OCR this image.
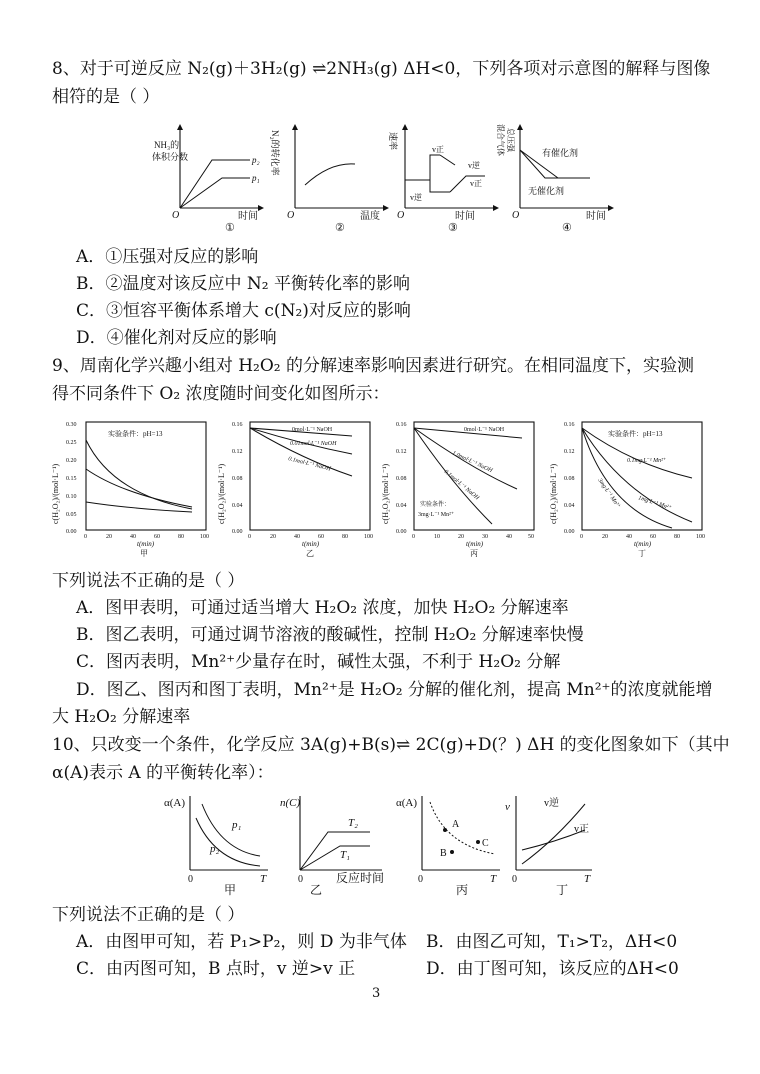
8、对于可逆反应 N₂(g)＋3H₂(g) ⇌2NH₃(g) ΔH<0，下列各项对示意图的解释与图像
相符的是（ ）
NH₃的
体积分数	p₂
p₁
O	时间
①
N₂的转化率
O	温度
②
速率	v正
v逆
v逆
v正
O	时间
③
混合气体 总压强
有催化剂
无催化剂
O	时间
④
A．①压强对反应的影响
B．②温度对该反应中 N₂ 平衡转化率的影响
C．③恒容平衡体系增大 c(N₂)对反应的影响
D．④催化剂对反应的影响
9、周南化学兴趣小组对 H₂O₂ 的分解速率影响因素进行研究。在相同温度下，实验测
得不同条件下 O₂ 浓度随时间变化如图所示：
c(H₂O₂)/(mol·L⁻¹)
0.30
0.25
0.20
0.15
0.10
0.05
0.00
0	20	40	60	80	100
t(min)
甲
实验条件：pH=13
c(H₂O₂)/(mol·L⁻¹)
0.16
0.12
0.08
0.04
0.00
0	20	40	60	80	100
t(min)
乙
0mol·L⁻¹ NaOH
0.01mol·L⁻¹ NaOH
0.1mol·L⁻¹ NaOH	c(H₂O₂)/(mol·L⁻¹)
0.16
0.12
0.08
0.04
0.00
0	10	20	30	40	50
t(min)
丙
0mol·L⁻¹ NaOH
1.0mol·L⁻¹ NaOH
0.1mol·L⁻¹ NaOH
实验条件：
3mg·L⁻¹ Mn²⁺	c(H₂O₂)/(mol·L⁻¹)
0.16
0.12
0.08
0.04
0.00
0	20	40	60	80	100
t(min)
丁
实验条件：pH=13
0.1mg·L⁻¹ Mn²⁺
1mg·L⁻¹ Mn²⁺
3mg·L⁻¹ Mn²⁺
下列说法不正确的是（ ）
A．图甲表明，可通过适当增大 H₂O₂ 浓度，加快 H₂O₂ 分解速率
B．图乙表明，可通过调节溶液的酸碱性，控制 H₂O₂ 分解速率快慢
C．图丙表明，Mn²⁺少量存在时，碱性太强，不利于 H₂O₂ 分解
D．图乙、图丙和图丁表明，Mn²⁺是 H₂O₂ 分解的催化剂，提高 Mn²⁺的浓度就能增
大 H₂O₂ 分解速率
10、只改变一个条件，化学反应 3A(g)+B(s)⇌ 2C(g)+D(？) ΔH 的变化图象如下（其中
α(A)表示 A 的平衡转化率）：
α(A)
p₁
p₂
0	T
甲
n(C)
T₂
T₁
0	反应时间
乙
α(A)
A
B
C
0	T
丙
v	v逆
v正
0	T
丁
下列说法不正确的是（ ）
A．由图甲可知，若 P₁>P₂，则 D 为非气体 B．由图乙可知，T₁>T₂，ΔH<0
C．由丙图可知，B 点时，v 逆>v 正	D．由丁图可知，该反应的ΔH<0
3
